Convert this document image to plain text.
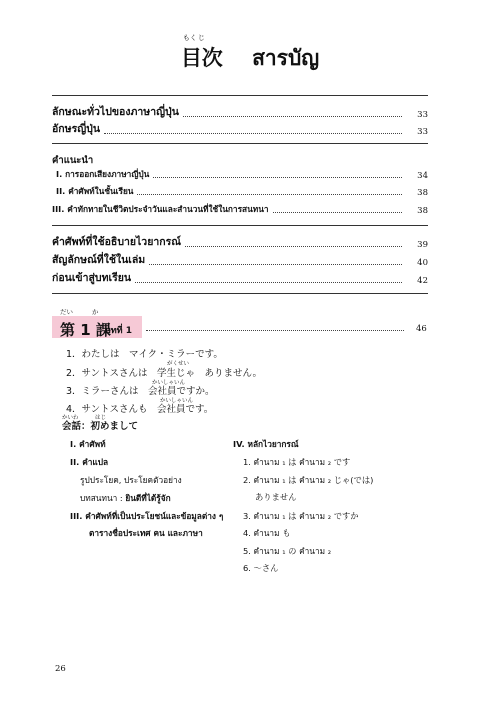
もく じ
目次 สารบัญ
ลักษณะทั่วไปของภาษาญี่ปุ่น	33
อักษรญี่ปุ่น	33
คำแนะนำ
I. การออกเสียงภาษาญี่ปุ่น	34
II. คำศัพท์ในชั้นเรียน	38
III. คำทักทายในชีวิตประจำวันและสำนวนที่ใช้ในการสนทนา	38
คำศัพท์ที่ใช้อธิบายไวยากรณ์	39
สัญลักษณ์ที่ใช้ในเล่ม	40
ก่อนเข้าสู่บทเรียน	42
だい	か
第 1 課
บทที่ 1	46
1．わたしは　マイク・ミラーです。
がくせい
2．サントスさんは　学生じゃ　ありません。
かいしゃいん
3．ミラーさんは　会社員ですか。
かいしゃいん
4．サントスさんも　会社員です。
かいわ	はじ
会話：初めまして
I. คำศัพท์
II. คำแปล
รูปประโยค, ประโยคตัวอย่าง
บทสนทนา : ยินดีที่ได้รู้จัก
III. คำศัพท์ที่เป็นประโยชน์และข้อมูลต่าง ๆ
ตารางชื่อประเทศ คน และภาษา
IV. หลักไวยากรณ์
1. คำนาม ₁ は คำนาม ₂ です
2. คำนาม ₁ は คำนาม ₂ じゃ(では)
ありません
3. คำนาม ₁ は คำนาม ₂ ですか
4. คำนาม も
5. คำนาม ₁ の คำนาม ₂
6. ～さん
26
